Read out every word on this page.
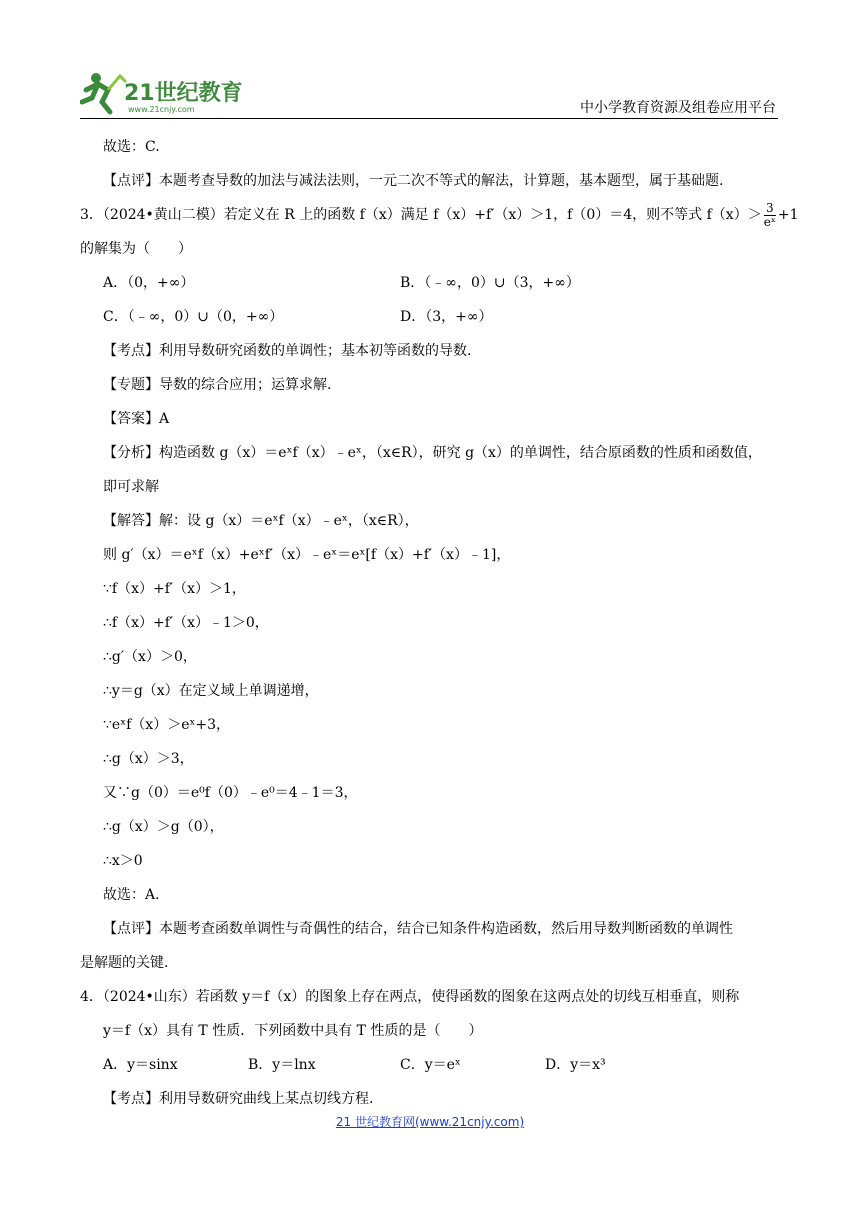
21世纪教育
www.21cnjy.com	中小学教育资源及组卷应用平台
故选：C.
【点评】本题考查导数的加法与减法法则，一元二次不等式的解法，计算题，基本题型，属于基础题.
3．（2024•黄山二模）若定义在 R 上的函数 f（x）满足 f（x）+f′（x）＞1，f（0）＝4，则不等式 $f(x)> \frac{3}{\text{eˣ}} +1$
的解集为（　　）
A．（0，+∞）	B．（﹣∞，0）∪（3，+∞）
C．（﹣∞，0）∪（0，+∞）	D．（3，+∞）
【考点】利用导数研究函数的单调性；基本初等函数的导数.
【专题】导数的综合应用；运算求解.
【答案】A
【分析】构造函数 g（x）＝eˣf（x）﹣eˣ，（x∈R），研究 g（x）的单调性，结合原函数的性质和函数值，
即可求解
【解答】解：设 g（x）＝eˣf（x）﹣eˣ，（x∈R），
则 g′（x）＝eˣf（x）+eˣf′（x）﹣eˣ＝eˣ[f（x）+f′（x）﹣1]，
∵f（x）+f′（x）＞1，
∴f（x）+f′（x）﹣1＞0，
∴g′（x）＞0，
∴y＝g（x）在定义域上单调递增，
∵eˣf（x）＞eˣ+3，
∴g（x）＞3，
又∵g（0）＝e⁰f（0）﹣e⁰＝4﹣1＝3，
∴g（x）＞g（0），
∴x＞0
故选：A.
【点评】本题考查函数单调性与奇偶性的结合，结合已知条件构造函数，然后用导数判断函数的单调性
是解题的关键.
4．（2024•山东）若函数 y＝f（x）的图象上存在两点，使得函数的图象在这两点处的切线互相垂直，则称
y＝f（x）具有 T 性质．下列函数中具有 T 性质的是（　　）
A．y＝sinx	B．y＝lnx	C．y＝eˣ	D．y＝x³
【考点】利用导数研究曲线上某点切线方程.
21 世纪教育网(www.21cnjy.com)
